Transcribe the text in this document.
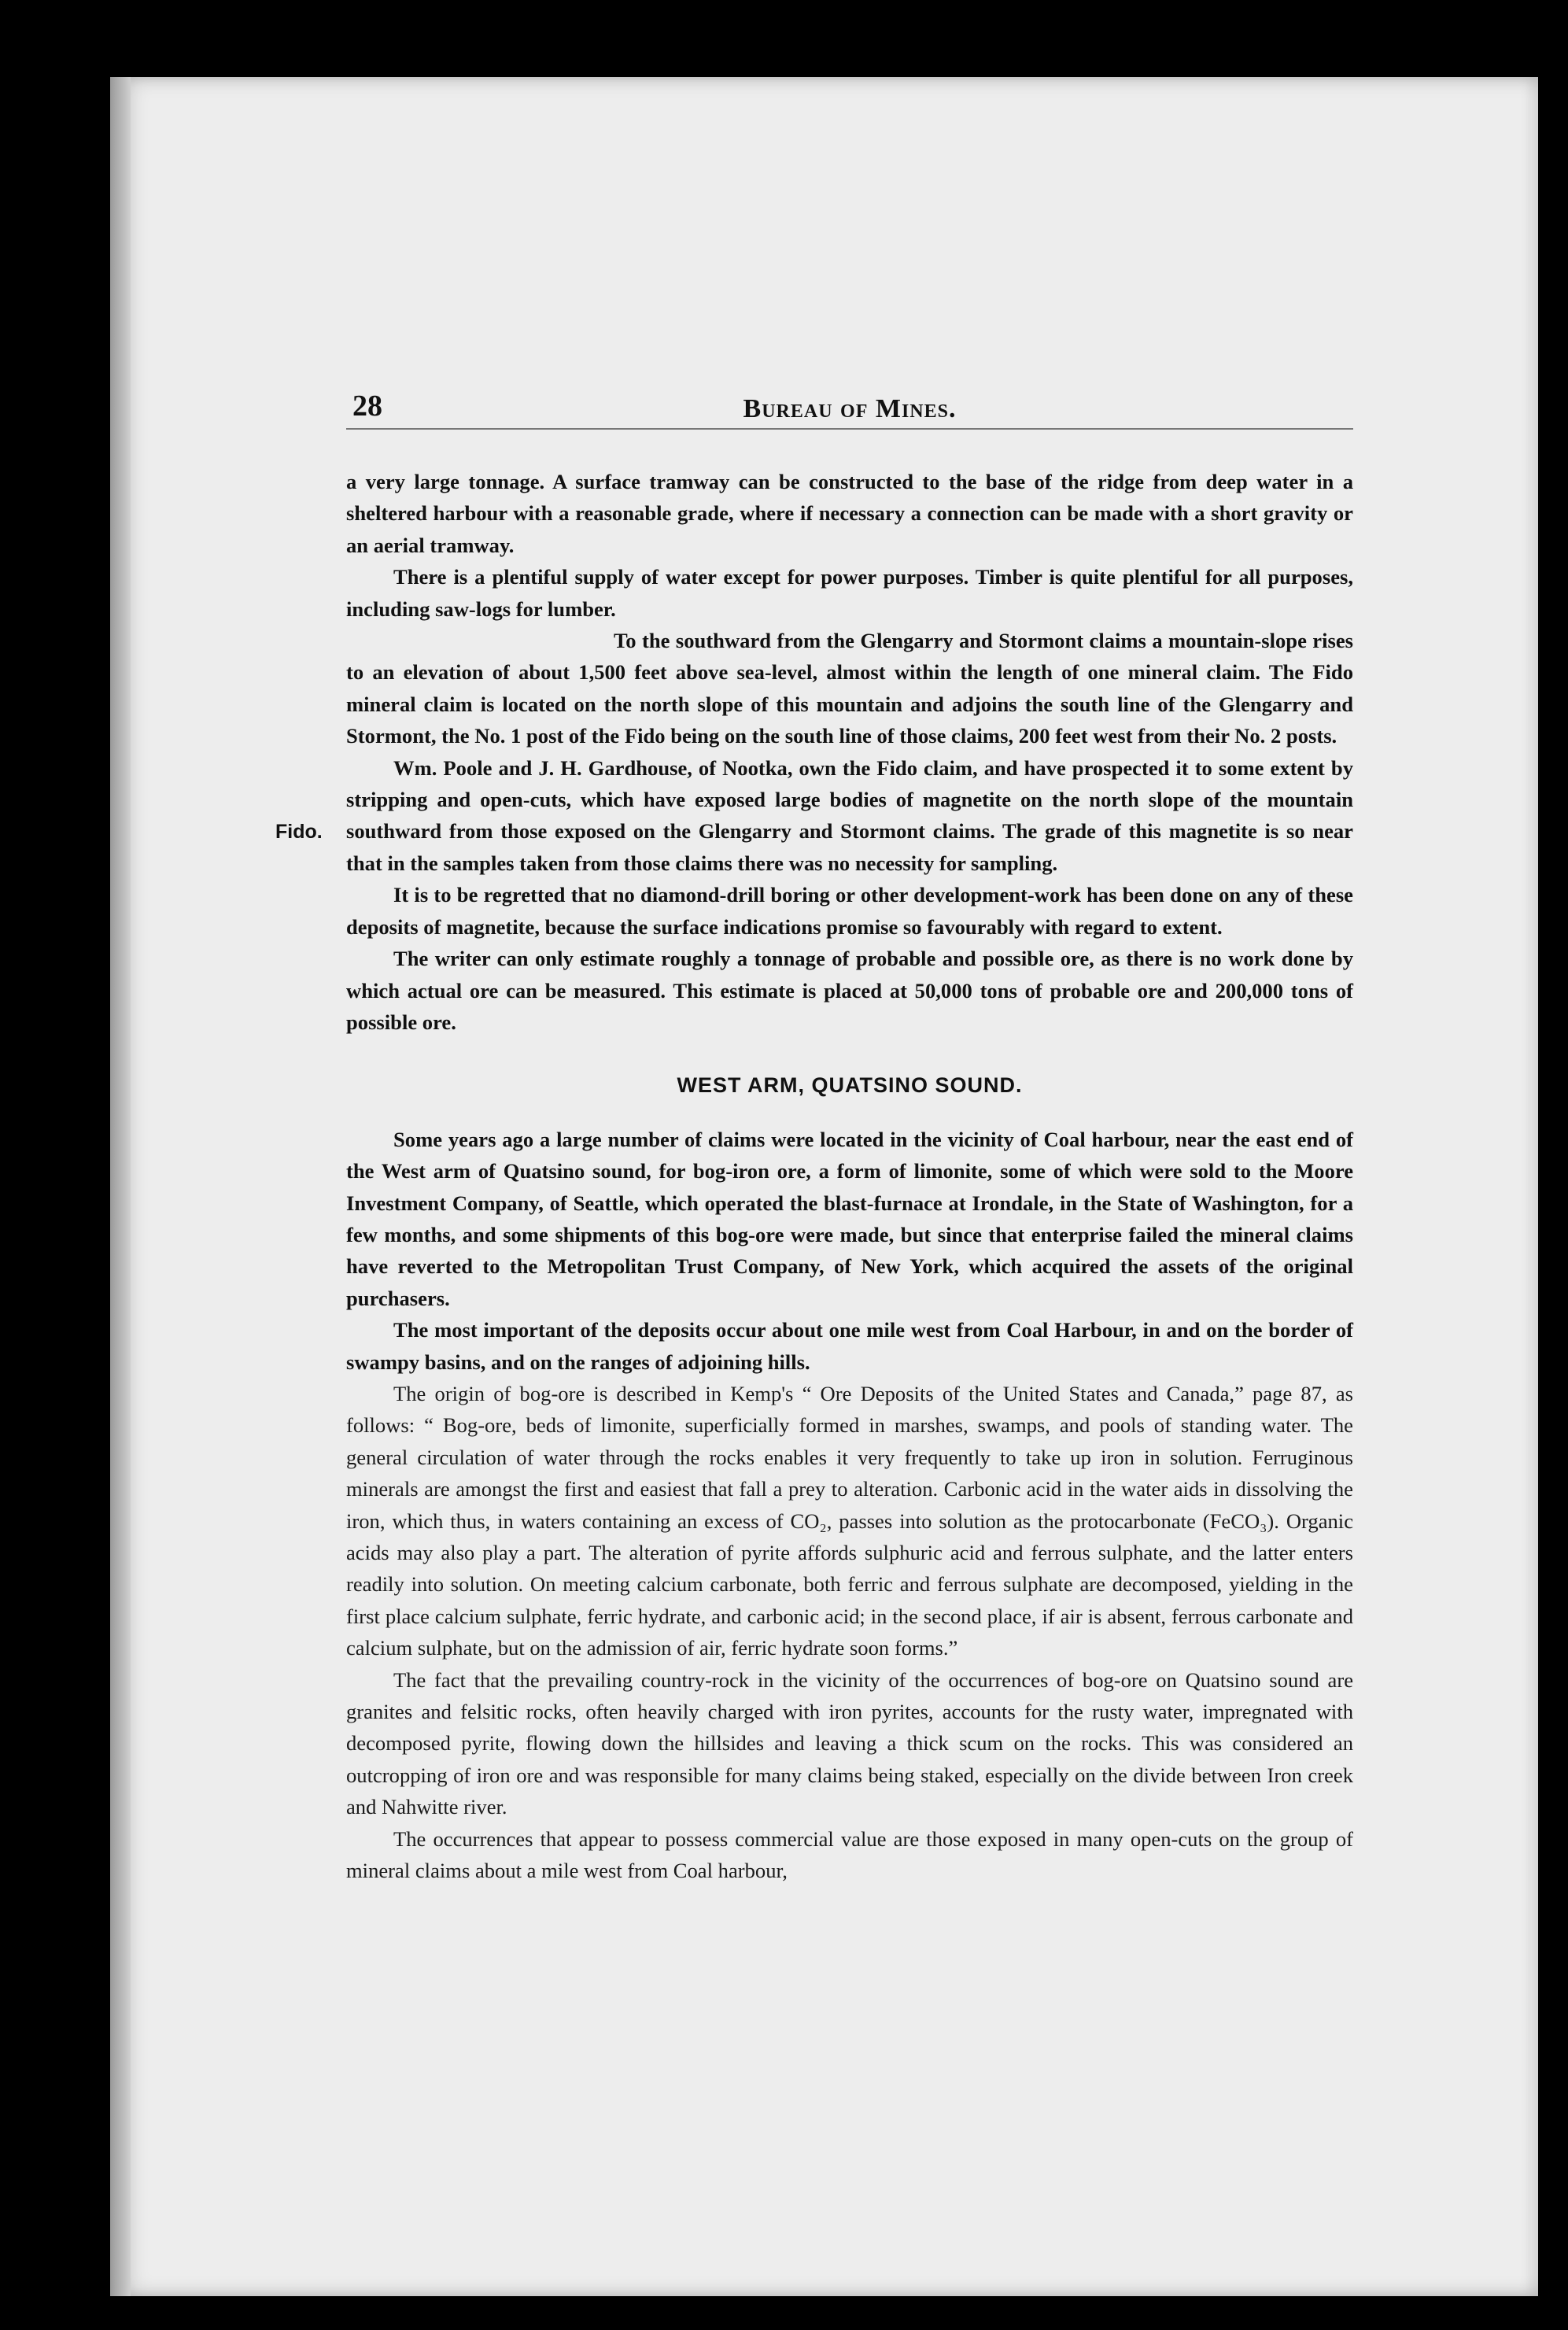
28	Bureau of Mines.

a very large tonnage. A surface tramway can be constructed to the base of the ridge from deep water in a sheltered harbour with a reasonable grade, where if necessary a connection can be made with a short gravity or an aerial tramway.

There is a plentiful supply of water except for power purposes. Timber is quite plentiful for all purposes, including saw-logs for lumber.

Fido.

To the southward from the Glengarry and Stormont claims a mountain-slope rises to an elevation of about 1,500 feet above sea-level, almost within the length of one mineral claim. The Fido mineral claim is located on the north slope of this mountain and adjoins the south line of the Glengarry and Stormont, the No. 1 post of the Fido being on the south line of those claims, 200 feet west from their No. 2 posts.

Wm. Poole and J. H. Gardhouse, of Nootka, own the Fido claim, and have prospected it to some extent by stripping and open-cuts, which have exposed large bodies of magnetite on the north slope of the mountain southward from those exposed on the Glengarry and Stormont claims. The grade of this magnetite is so near that in the samples taken from those claims there was no necessity for sampling.

It is to be regretted that no diamond-drill boring or other development-work has been done on any of these deposits of magnetite, because the surface indications promise so favourably with regard to extent.

The writer can only estimate roughly a tonnage of probable and possible ore, as there is no work done by which actual ore can be measured. This estimate is placed at 50,000 tons of probable ore and 200,000 tons of possible ore.

WEST ARM, QUATSINO SOUND.

Some years ago a large number of claims were located in the vicinity of Coal harbour, near the east end of the West arm of Quatsino sound, for bog-iron ore, a form of limonite, some of which were sold to the Moore Investment Company, of Seattle, which operated the blast-furnace at Irondale, in the State of Washington, for a few months, and some shipments of this bog-ore were made, but since that enterprise failed the mineral claims have reverted to the Metropolitan Trust Company, of New York, which acquired the assets of the original purchasers.

The most important of the deposits occur about one mile west from Coal Harbour, in and on the border of swampy basins, and on the ranges of adjoining hills.

The origin of bog-ore is described in Kemp's “ Ore Deposits of the United States and Canada,” page 87, as follows: “ Bog-ore, beds of limonite, superficially formed in marshes, swamps, and pools of standing water. The general circulation of water through the rocks enables it very frequently to take up iron in solution. Ferruginous minerals are amongst the first and easiest that fall a prey to alteration. Carbonic acid in the water aids in dissolving the iron, which thus, in waters containing an excess of CO₂, passes into solution as the protocarbonate (FeCO₃). Organic acids may also play a part. The alteration of pyrite affords sulphuric acid and ferrous sulphate, and the latter enters readily into solution. On meeting calcium carbonate, both ferric and ferrous sulphate are decomposed, yielding in the first place calcium sulphate, ferric hydrate, and carbonic acid; in the second place, if air is absent, ferrous carbonate and calcium sulphate, but on the admission of air, ferric hydrate soon forms.”

The fact that the prevailing country-rock in the vicinity of the occurrences of bog-ore on Quatsino sound are granites and felsitic rocks, often heavily charged with iron pyrites, accounts for the rusty water, impregnated with decomposed pyrite, flowing down the hillsides and leaving a thick scum on the rocks. This was considered an outcropping of iron ore and was responsible for many claims being staked, especially on the divide between Iron creek and Nahwitte river.

The occurrences that appear to possess commercial value are those exposed in many open-cuts on the group of mineral claims about a mile west from Coal harbour,
